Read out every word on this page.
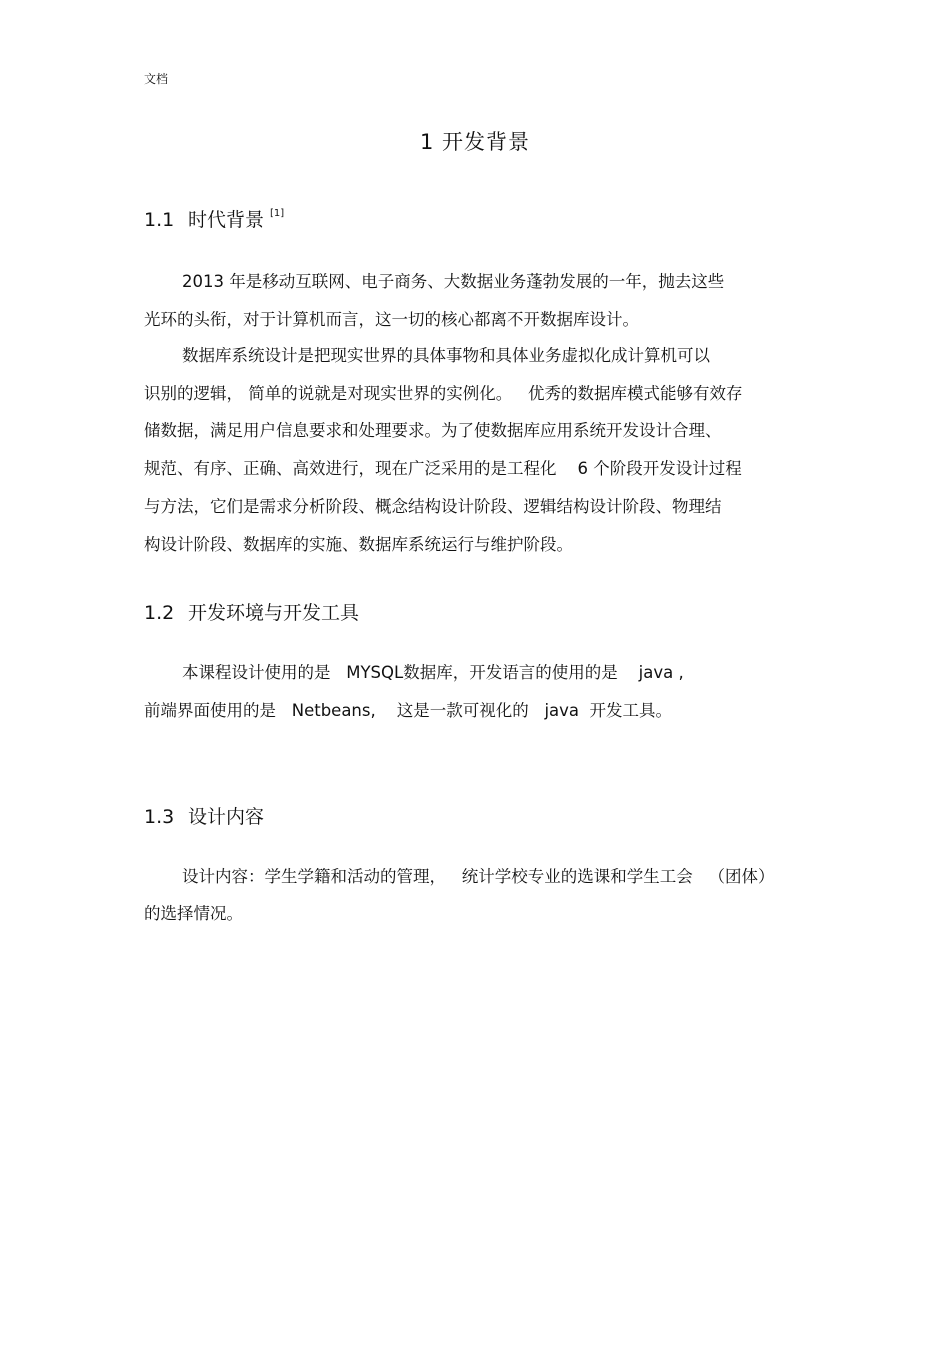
文档
1 开发背景
1.1 时代背景 [1]
2013 年是移动互联网、电子商务、大数据业务蓬勃发展的一年，抛去这些
光环的头衔，对于计算机而言，这一切的核心都离不开数据库设计。
数据库系统设计是把现实世界的具体事物和具体业务虚拟化成计算机可以
识别的逻辑， 简单的说就是对现实世界的实例化。   优秀的数据库模式能够有效存
储数据，满足用户信息要求和处理要求。为了使数据库应用系统开发设计合理、
规范、有序、正确、高效进行，现在广泛采用的是工程化    6 个阶段开发设计过程
与方法，它们是需求分析阶段、概念结构设计阶段、逻辑结构设计阶段、物理结
构设计阶段、数据库的实施、数据库系统运行与维护阶段。
1.2 开发环境与开发工具
本课程设计使用的是   MYSQL数据库，开发语言的使用的是    java ,
前端界面使用的是   Netbeans,    这是一款可视化的   java  开发工具。
1.3 设计内容
设计内容：学生学籍和活动的管理，   统计学校专业的选课和学生工会   （团体）
的选择情况。
